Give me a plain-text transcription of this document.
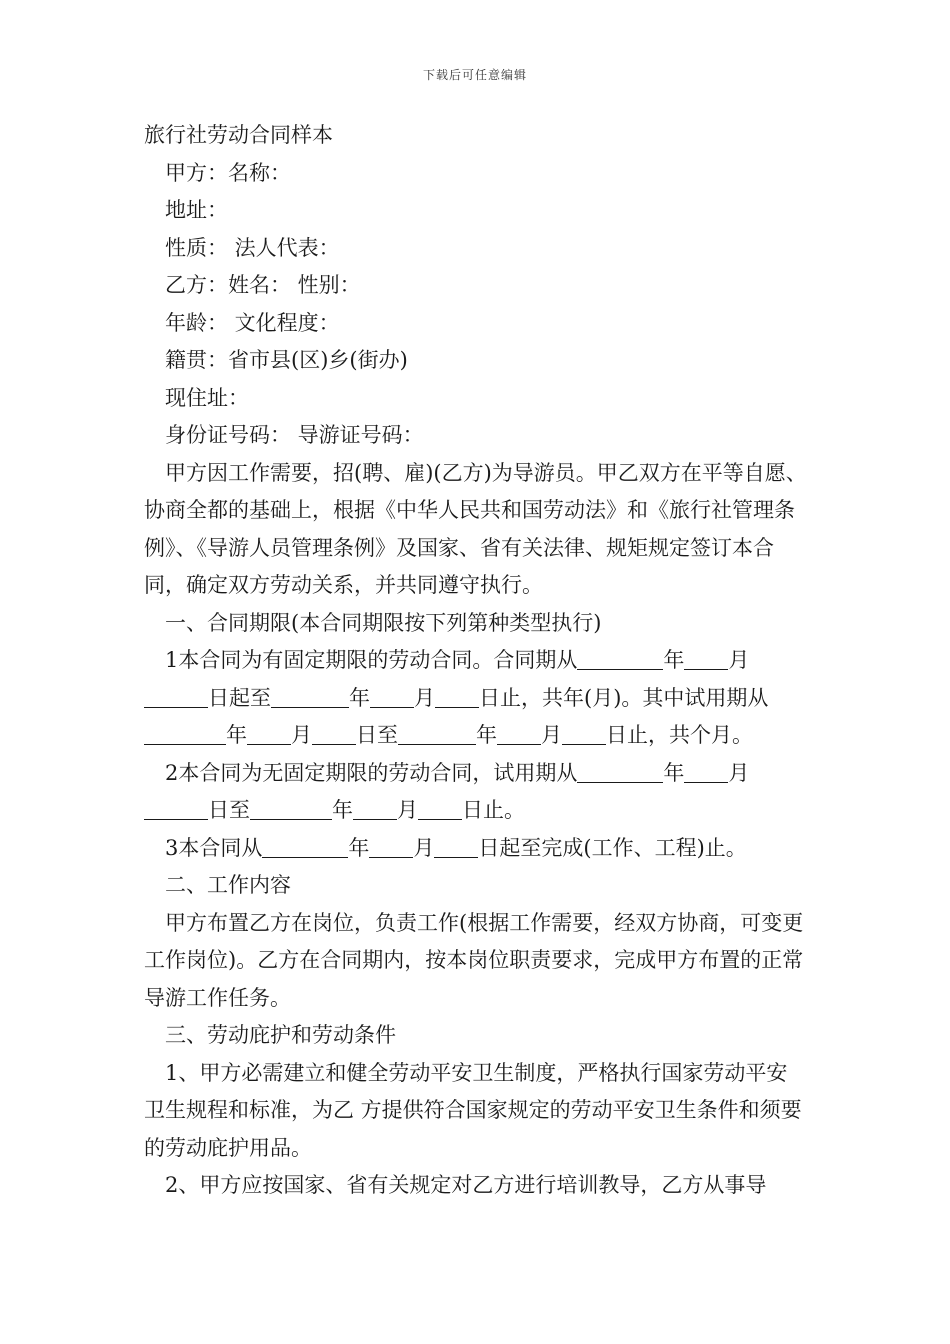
下载后可任意编辑

旅行社劳动合同样本

甲方：名称：

地址：

性质： 法人代表：

乙方：姓名： 性别：

年龄： 文化程度：

籍贯：省市县(区)乡(街办)

现住址：

身份证号码： 导游证号码：

甲方因工作需要，招(聘、雇)(乙方)为导游员。甲乙双方在平等自愿、协商全都的基础上，根据《中华人民共和国劳动法》和《旅行社管理条例》、《导游人员管理条例》及国家、省有关法律、规矩规定签订本合同，确定双方劳动关系，并共同遵守执行。

一、合同期限(本合同期限按下列第种类型执行)

1本合同为有固定期限的劳动合同。合同期从	年 月日起至	年 月 日止，共年(月)。其中试用期从年 月 日至	年 月 日止，共个月。

2本合同为无固定期限的劳动合同，试用期从	年 月日至	年 月 日止。

3本合同从	年 月 日起至完成(工作、工程)止。

二、工作内容

甲方布置乙方在岗位，负责工作(根据工作需要，经双方协商，可变更工作岗位)。乙方在合同期内，按本岗位职责要求，完成甲方布置的正常导游工作任务。

三、劳动庇护和劳动条件

1、甲方必需建立和健全劳动平安卫生制度，严格执行国家劳动平安卫生规程和标准，为乙 方提供符合国家规定的劳动平安卫生条件和须要的劳动庇护用品。

2、甲方应按国家、省有关规定对乙方进行培训教导，乙方从事导
